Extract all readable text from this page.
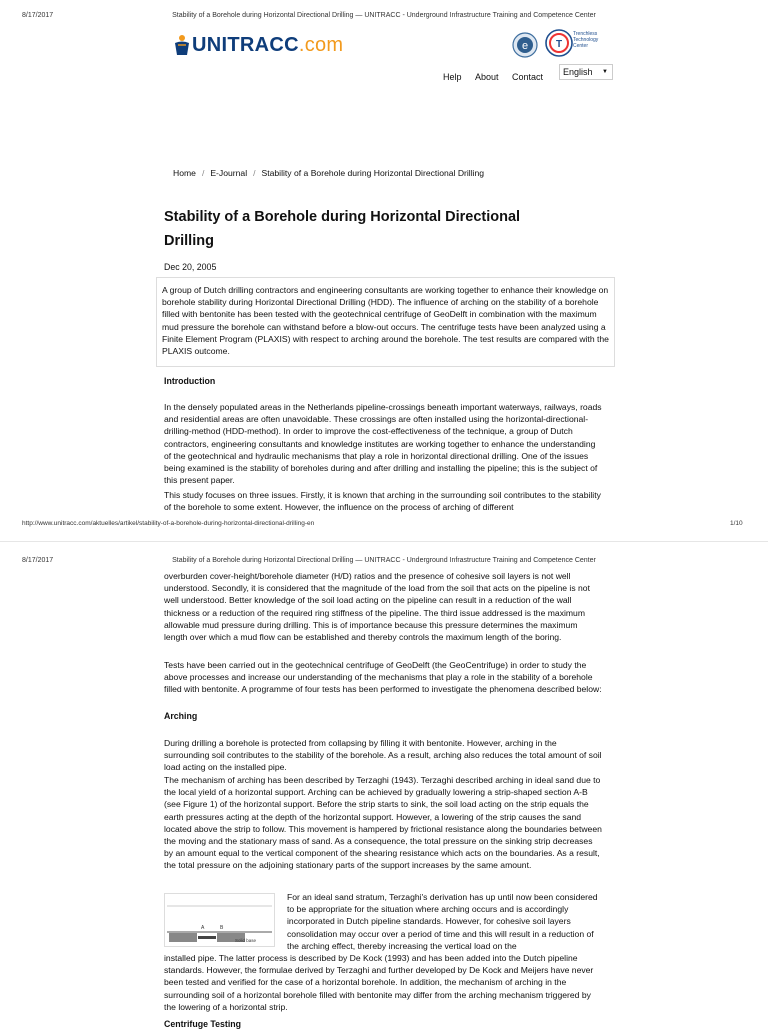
8/17/2017	Stability of a Borehole during Horizontal Directional Drilling — UNITRACC - Underground Infrastructure Training and Competence Center
UNITRACC.com	e	T
Trenchless Technology Center
Help About Contact	English ▼
Home / E-Journal / Stability of a Borehole during Horizontal Directional Drilling
Stability of a Borehole during Horizontal Directional
Drilling
Dec 20, 2005

A group of Dutch drilling contractors and engineering consultants are working together to enhance their knowledge on borehole stability during Horizontal Directional Drilling (HDD). The influence of arching on the stability of a borehole filled with bentonite has been tested with the geotechnical centrifuge of GeoDelft in combination with the maximum mud pressure the borehole can withstand before a blow-out occurs. The centrifuge tests have been analyzed using a Finite Element Program (PLAXIS) with respect to arching around the borehole. The test results are compared with the PLAXIS outcome.

Introduction

In the densely populated areas in the Netherlands pipeline-crossings beneath important waterways, railways, roads and residential areas are often unavoidable. These crossings are often installed using the horizontal-directional-drilling-method (HDD-method). In order to improve the cost-effectiveness of the technique, a group of Dutch contractors, engineering consultants and knowledge institutes are working together to enhance the understanding of the geotechnical and hydraulic mechanisms that play a role in horizontal directional drilling. One of the issues being examined is the stability of boreholes during and after drilling and installing the pipeline; this is the subject of this present paper.

This study focuses on three issues. Firstly, it is known that arching in the surrounding soil contributes to the stability of the borehole to some extent. However, the influence on the process of arching of different

http://www.unitracc.com/aktuelles/artikel/stability-of-a-borehole-during-horizontal-directional-drilling-en	1/10
8/17/2017	Stability of a Borehole during Horizontal Directional Drilling — UNITRACC - Underground Infrastructure Training and Competence Center

overburden cover-height/borehole diameter (H/D) ratios and the presence of cohesive soil layers is not well understood. Secondly, it is considered that the magnitude of the load from the soil that acts on the pipeline is not well understood. Better knowledge of the soil load acting on the pipeline can result in a reduction of the wall thickness or a reduction of the required ring stiffness of the pipeline. The third issue addressed is the maximum allowable mud pressure during drilling. This is of importance because this pressure determines the maximum length over which a mud flow can be established and thereby controls the maximum length of the boring.

Tests have been carried out in the geotechnical centrifuge of GeoDelft (the GeoCentrifuge) in order to study the above processes and increase our understanding of the mechanisms that play a role in the stability of a borehole filled with bentonite. A programme of four tests has been performed to investigate the phenomena described below:

Arching

During drilling a borehole is protected from collapsing by filling it with bentonite. However, arching in the surrounding soil contributes to the stability of the borehole. As a result, arching also reduces the total amount of soil load acting on the installed pipe.

The mechanism of arching has been described by Terzaghi (1943). Terzaghi described arching in ideal sand due to the local yield of a horizontal support. Arching can be achieved by gradually lowering a strip-shaped section A-B (see Figure 1) of the horizontal support. Before the strip starts to sink, the soil load acting on the strip equals the earth pressures acting at the depth of the horizontal support. However, a lowering of the strip causes the sand located above the strip to follow. This movement is hampered by frictional resistance along the boundaries between the moving and the stationary mass of sand. As a consequence, the total pressure on the sinking strip decreases by an amount equal to the vertical component of the shearing resistance which acts on the boundaries. As a result, the total pressure on the adjoining stationary parts of the support increases by the same amount.

A	B
Solid base

For an ideal sand stratum, Terzaghi's derivation has up until now been considered to be appropriate for the situation where arching occurs and is accordingly incorporated in Dutch pipeline standards. However, for cohesive soil layers consolidation may occur over a period of time and this will result in a reduction of the arching effect, thereby increasing the vertical load on the

installed pipe. The latter process is described by De Kock (1993) and has been added into the Dutch pipeline standards. However, the formulae derived by Terzaghi and further developed by De Kock and Meijers have never been tested and verified for the case of a horizontal borehole. In addition, the mechanism of arching in the surrounding soil of a horizontal borehole filled with bentonite may differ from the arching mechanism triggered by the lowering of a horizontal strip.

Centrifuge Testing
